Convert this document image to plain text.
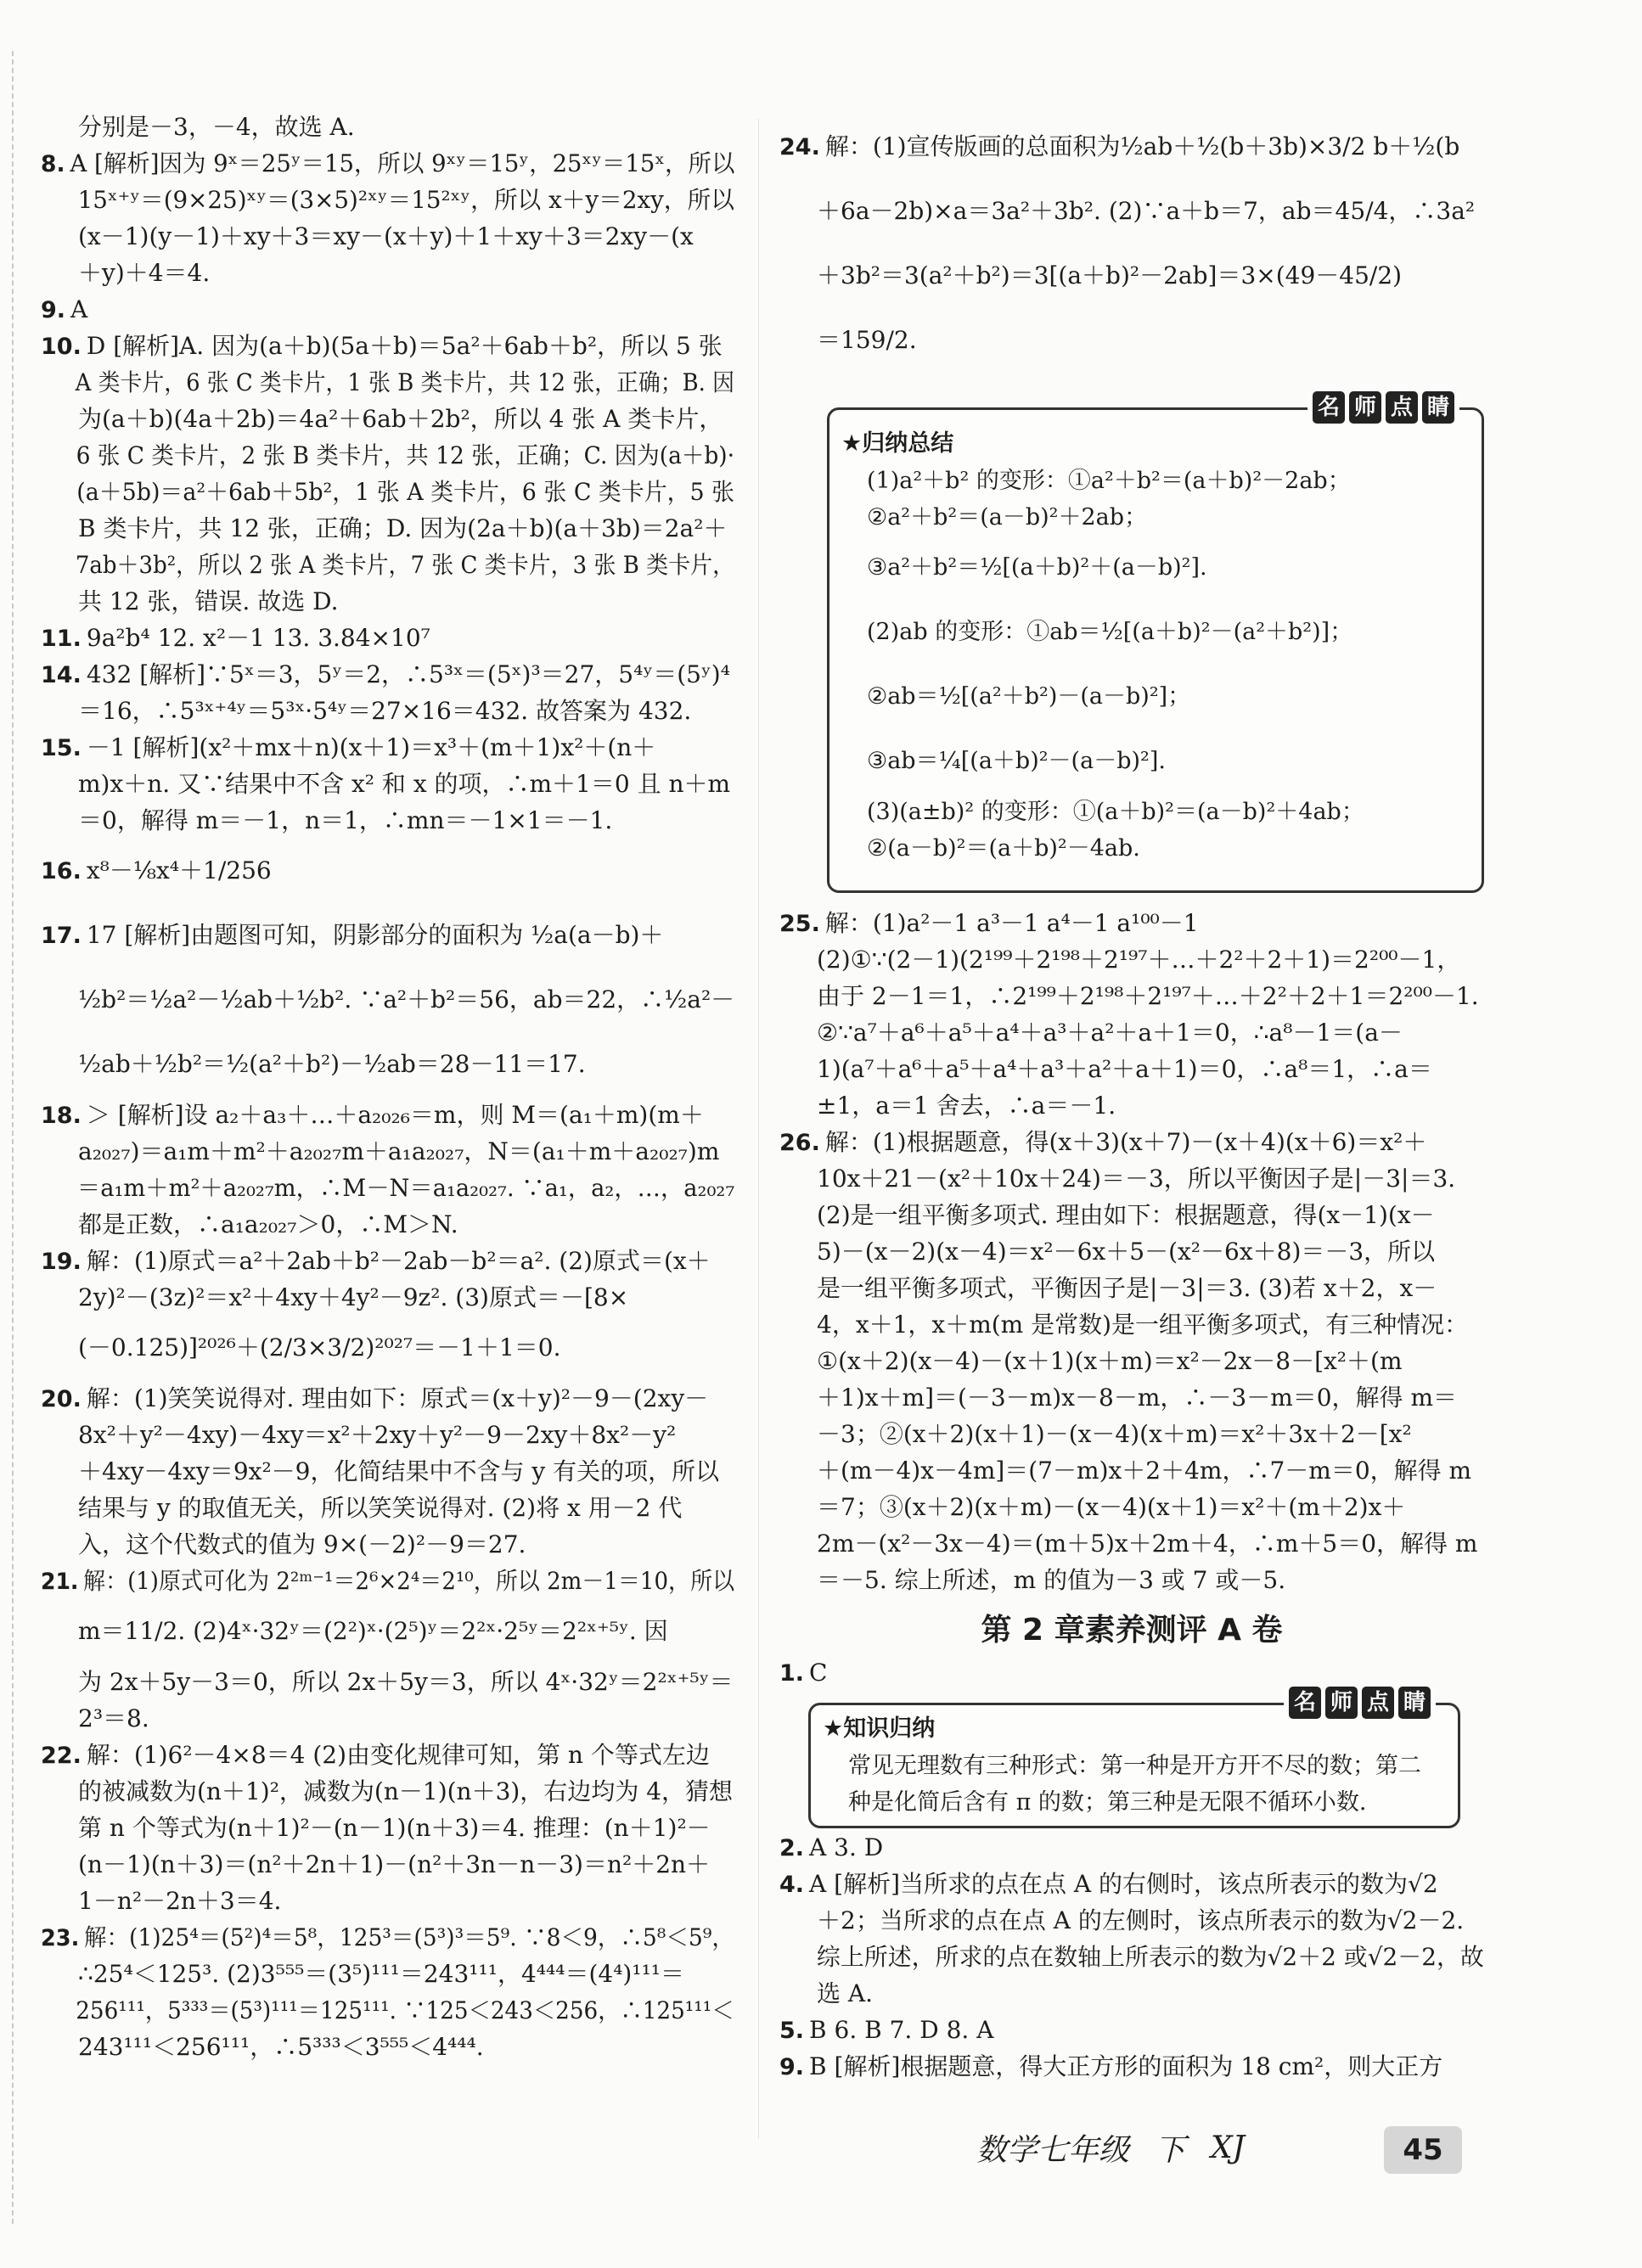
分别是－3，－4，故选 A.
8. A [解析]因为 9ˣ＝25ʸ＝15，所以 9ˣʸ＝15ʸ，25ˣʸ＝15ˣ，所以
15ˣ⁺ʸ＝(9×25)ˣʸ＝(3×5)²ˣʸ＝15²ˣʸ，所以 x＋y＝2xy，所以
(x－1)(y－1)＋xy＋3＝xy－(x＋y)＋1＋xy＋3＝2xy－(x
＋y)＋4＝4.
9. A
10. D [解析]A. 因为(a＋b)(5a＋b)＝5a²＋6ab＋b²，所以 5 张
A 类卡片，6 张 C 类卡片，1 张 B 类卡片，共 12 张，正确；B. 因
为(a＋b)(4a＋2b)＝4a²＋6ab＋2b²，所以 4 张 A 类卡片，
6 张 C 类卡片，2 张 B 类卡片，共 12 张，正确；C. 因为(a＋b)·
(a＋5b)＝a²＋6ab＋5b²，1 张 A 类卡片，6 张 C 类卡片，5 张
B 类卡片，共 12 张，正确；D. 因为(2a＋b)(a＋3b)＝2a²＋
7ab＋3b²，所以 2 张 A 类卡片，7 张 C 类卡片，3 张 B 类卡片，
共 12 张，错误. 故选 D.
11. 9a²b⁴ 12. x²－1 13. 3.84×10⁷
14. 432 [解析]∵5ˣ＝3，5ʸ＝2，∴5³ˣ＝(5ˣ)³＝27，5⁴ʸ＝(5ʸ)⁴
＝16，∴5³ˣ⁺⁴ʸ＝5³ˣ·5⁴ʸ＝27×16＝432. 故答案为 432.
15. －1 [解析](x²＋mx＋n)(x＋1)＝x³＋(m＋1)x²＋(n＋
m)x＋n. 又∵结果中不含 x² 和 x 的项，∴m＋1＝0 且 n＋m
＝0，解得 m＝－1，n＝1，∴mn＝－1×1＝－1.
16. x⁸－⅛x⁴＋1/256
17. 17 [解析]由题图可知，阴影部分的面积为 ½a(a－b)＋
½b²＝½a²－½ab＋½b². ∵a²＋b²＝56，ab＝22，∴½a²－
½ab＋½b²＝½(a²＋b²)－½ab＝28－11＝17.
18. ＞ [解析]设 a₂＋a₃＋…＋a₂₀₂₆＝m，则 M＝(a₁＋m)(m＋
a₂₀₂₇)＝a₁m＋m²＋a₂₀₂₇m＋a₁a₂₀₂₇，N＝(a₁＋m＋a₂₀₂₇)m
＝a₁m＋m²＋a₂₀₂₇m，∴M－N＝a₁a₂₀₂₇. ∵a₁，a₂，…，a₂₀₂₇
都是正数，∴a₁a₂₀₂₇＞0，∴M＞N.
19. 解：(1)原式＝a²＋2ab＋b²－2ab－b²＝a². (2)原式＝(x＋
2y)²－(3z)²＝x²＋4xy＋4y²－9z². (3)原式＝－[8×
(－0.125)]²⁰²⁶＋(2/3×3/2)²⁰²⁷＝－1＋1＝0.
20. 解：(1)笑笑说得对. 理由如下：原式＝(x＋y)²－9－(2xy－
8x²＋y²－4xy)－4xy＝x²＋2xy＋y²－9－2xy＋8x²－y²
＋4xy－4xy＝9x²－9，化简结果中不含与 y 有关的项，所以
结果与 y 的取值无关，所以笑笑说得对. (2)将 x 用－2 代
入，这个代数式的值为 9×(－2)²－9＝27.
21. 解：(1)原式可化为 2²ᵐ⁻¹＝2⁶×2⁴＝2¹⁰，所以 2m－1＝10，所以
m＝11/2. (2)4ˣ·32ʸ＝(2²)ˣ·(2⁵)ʸ＝2²ˣ·2⁵ʸ＝2²ˣ⁺⁵ʸ. 因
为 2x＋5y－3＝0，所以 2x＋5y＝3，所以 4ˣ·32ʸ＝2²ˣ⁺⁵ʸ＝
2³＝8.
22. 解：(1)6²－4×8＝4 (2)由变化规律可知，第 n 个等式左边
的被减数为(n＋1)²，减数为(n－1)(n＋3)，右边均为 4，猜想
第 n 个等式为(n＋1)²－(n－1)(n＋3)＝4. 推理：(n＋1)²－
(n－1)(n＋3)＝(n²＋2n＋1)－(n²＋3n－n－3)＝n²＋2n＋
1－n²－2n＋3＝4.
23. 解：(1)25⁴＝(5²)⁴＝5⁸，125³＝(5³)³＝5⁹. ∵8＜9，∴5⁸＜5⁹，
∴25⁴＜125³. (2)3⁵⁵⁵＝(3⁵)¹¹¹＝243¹¹¹，4⁴⁴⁴＝(4⁴)¹¹¹＝
256¹¹¹，5³³³＝(5³)¹¹¹＝125¹¹¹. ∵125＜243＜256，∴125¹¹¹＜
243¹¹¹＜256¹¹¹，∴5³³³＜3⁵⁵⁵＜4⁴⁴⁴.
24. 解：(1)宣传版画的总面积为½ab＋½(b＋3b)×3/2 b＋½(b
＋6a－2b)×a＝3a²＋3b². (2)∵a＋b＝7，ab＝45/4，∴3a²
＋3b²＝3(a²＋b²)＝3[(a＋b)²－2ab]＝3×(49－45/2)
＝159/2.
名 师 点 睛
★归纳总结
(1)a²＋b² 的变形：①a²＋b²＝(a＋b)²－2ab；
②a²＋b²＝(a－b)²＋2ab；
③a²＋b²＝½[(a＋b)²＋(a－b)²].
(2)ab 的变形：①ab＝½[(a＋b)²－(a²＋b²)]；
②ab＝½[(a²＋b²)－(a－b)²]；
③ab＝¼[(a＋b)²－(a－b)²].
(3)(a±b)² 的变形：①(a＋b)²＝(a－b)²＋4ab；
②(a－b)²＝(a＋b)²－4ab.
25. 解：(1)a²－1 a³－1 a⁴－1 a¹⁰⁰－1
(2)①∵(2－1)(2¹⁹⁹＋2¹⁹⁸＋2¹⁹⁷＋…＋2²＋2＋1)＝2²⁰⁰－1，
由于 2－1＝1，∴2¹⁹⁹＋2¹⁹⁸＋2¹⁹⁷＋…＋2²＋2＋1＝2²⁰⁰－1.
②∵a⁷＋a⁶＋a⁵＋a⁴＋a³＋a²＋a＋1＝0，∴a⁸－1＝(a－
1)(a⁷＋a⁶＋a⁵＋a⁴＋a³＋a²＋a＋1)＝0，∴a⁸＝1，∴a＝
±1，a＝1 舍去，∴a＝－1.
26. 解：(1)根据题意，得(x＋3)(x＋7)－(x＋4)(x＋6)＝x²＋
10x＋21－(x²＋10x＋24)＝－3，所以平衡因子是|－3|＝3.
(2)是一组平衡多项式. 理由如下：根据题意，得(x－1)(x－
5)－(x－2)(x－4)＝x²－6x＋5－(x²－6x＋8)＝－3，所以
是一组平衡多项式，平衡因子是|－3|＝3. (3)若 x＋2，x－
4，x＋1，x＋m(m 是常数)是一组平衡多项式，有三种情况：
①(x＋2)(x－4)－(x＋1)(x＋m)＝x²－2x－8－[x²＋(m
＋1)x＋m]＝(－3－m)x－8－m，∴－3－m＝0，解得 m＝
－3；②(x＋2)(x＋1)－(x－4)(x＋m)＝x²＋3x＋2－[x²
＋(m－4)x－4m]＝(7－m)x＋2＋4m，∴7－m＝0，解得 m
＝7；③(x＋2)(x＋m)－(x－4)(x＋1)＝x²＋(m＋2)x＋
2m－(x²－3x－4)＝(m＋5)x＋2m＋4，∴m＋5＝0，解得 m
＝－5. 综上所述，m 的值为－3 或 7 或－5.
第 2 章素养测评 A 卷
1. C
名 师 点 睛
★知识归纳
常见无理数有三种形式：第一种是开方开不尽的数；第二
种是化简后含有 π 的数；第三种是无限不循环小数.
2. A 3. D
4. A [解析]当所求的点在点 A 的右侧时，该点所表示的数为√2
＋2；当所求的点在点 A 的左侧时，该点所表示的数为√2－2.
综上所述，所求的点在数轴上所表示的数为√2＋2 或√2－2，故
选 A.
5. B 6. B 7. D 8. A
9. B [解析]根据题意，得大正方形的面积为 18 cm²，则大正方
数学七年级 下 XJ	45
